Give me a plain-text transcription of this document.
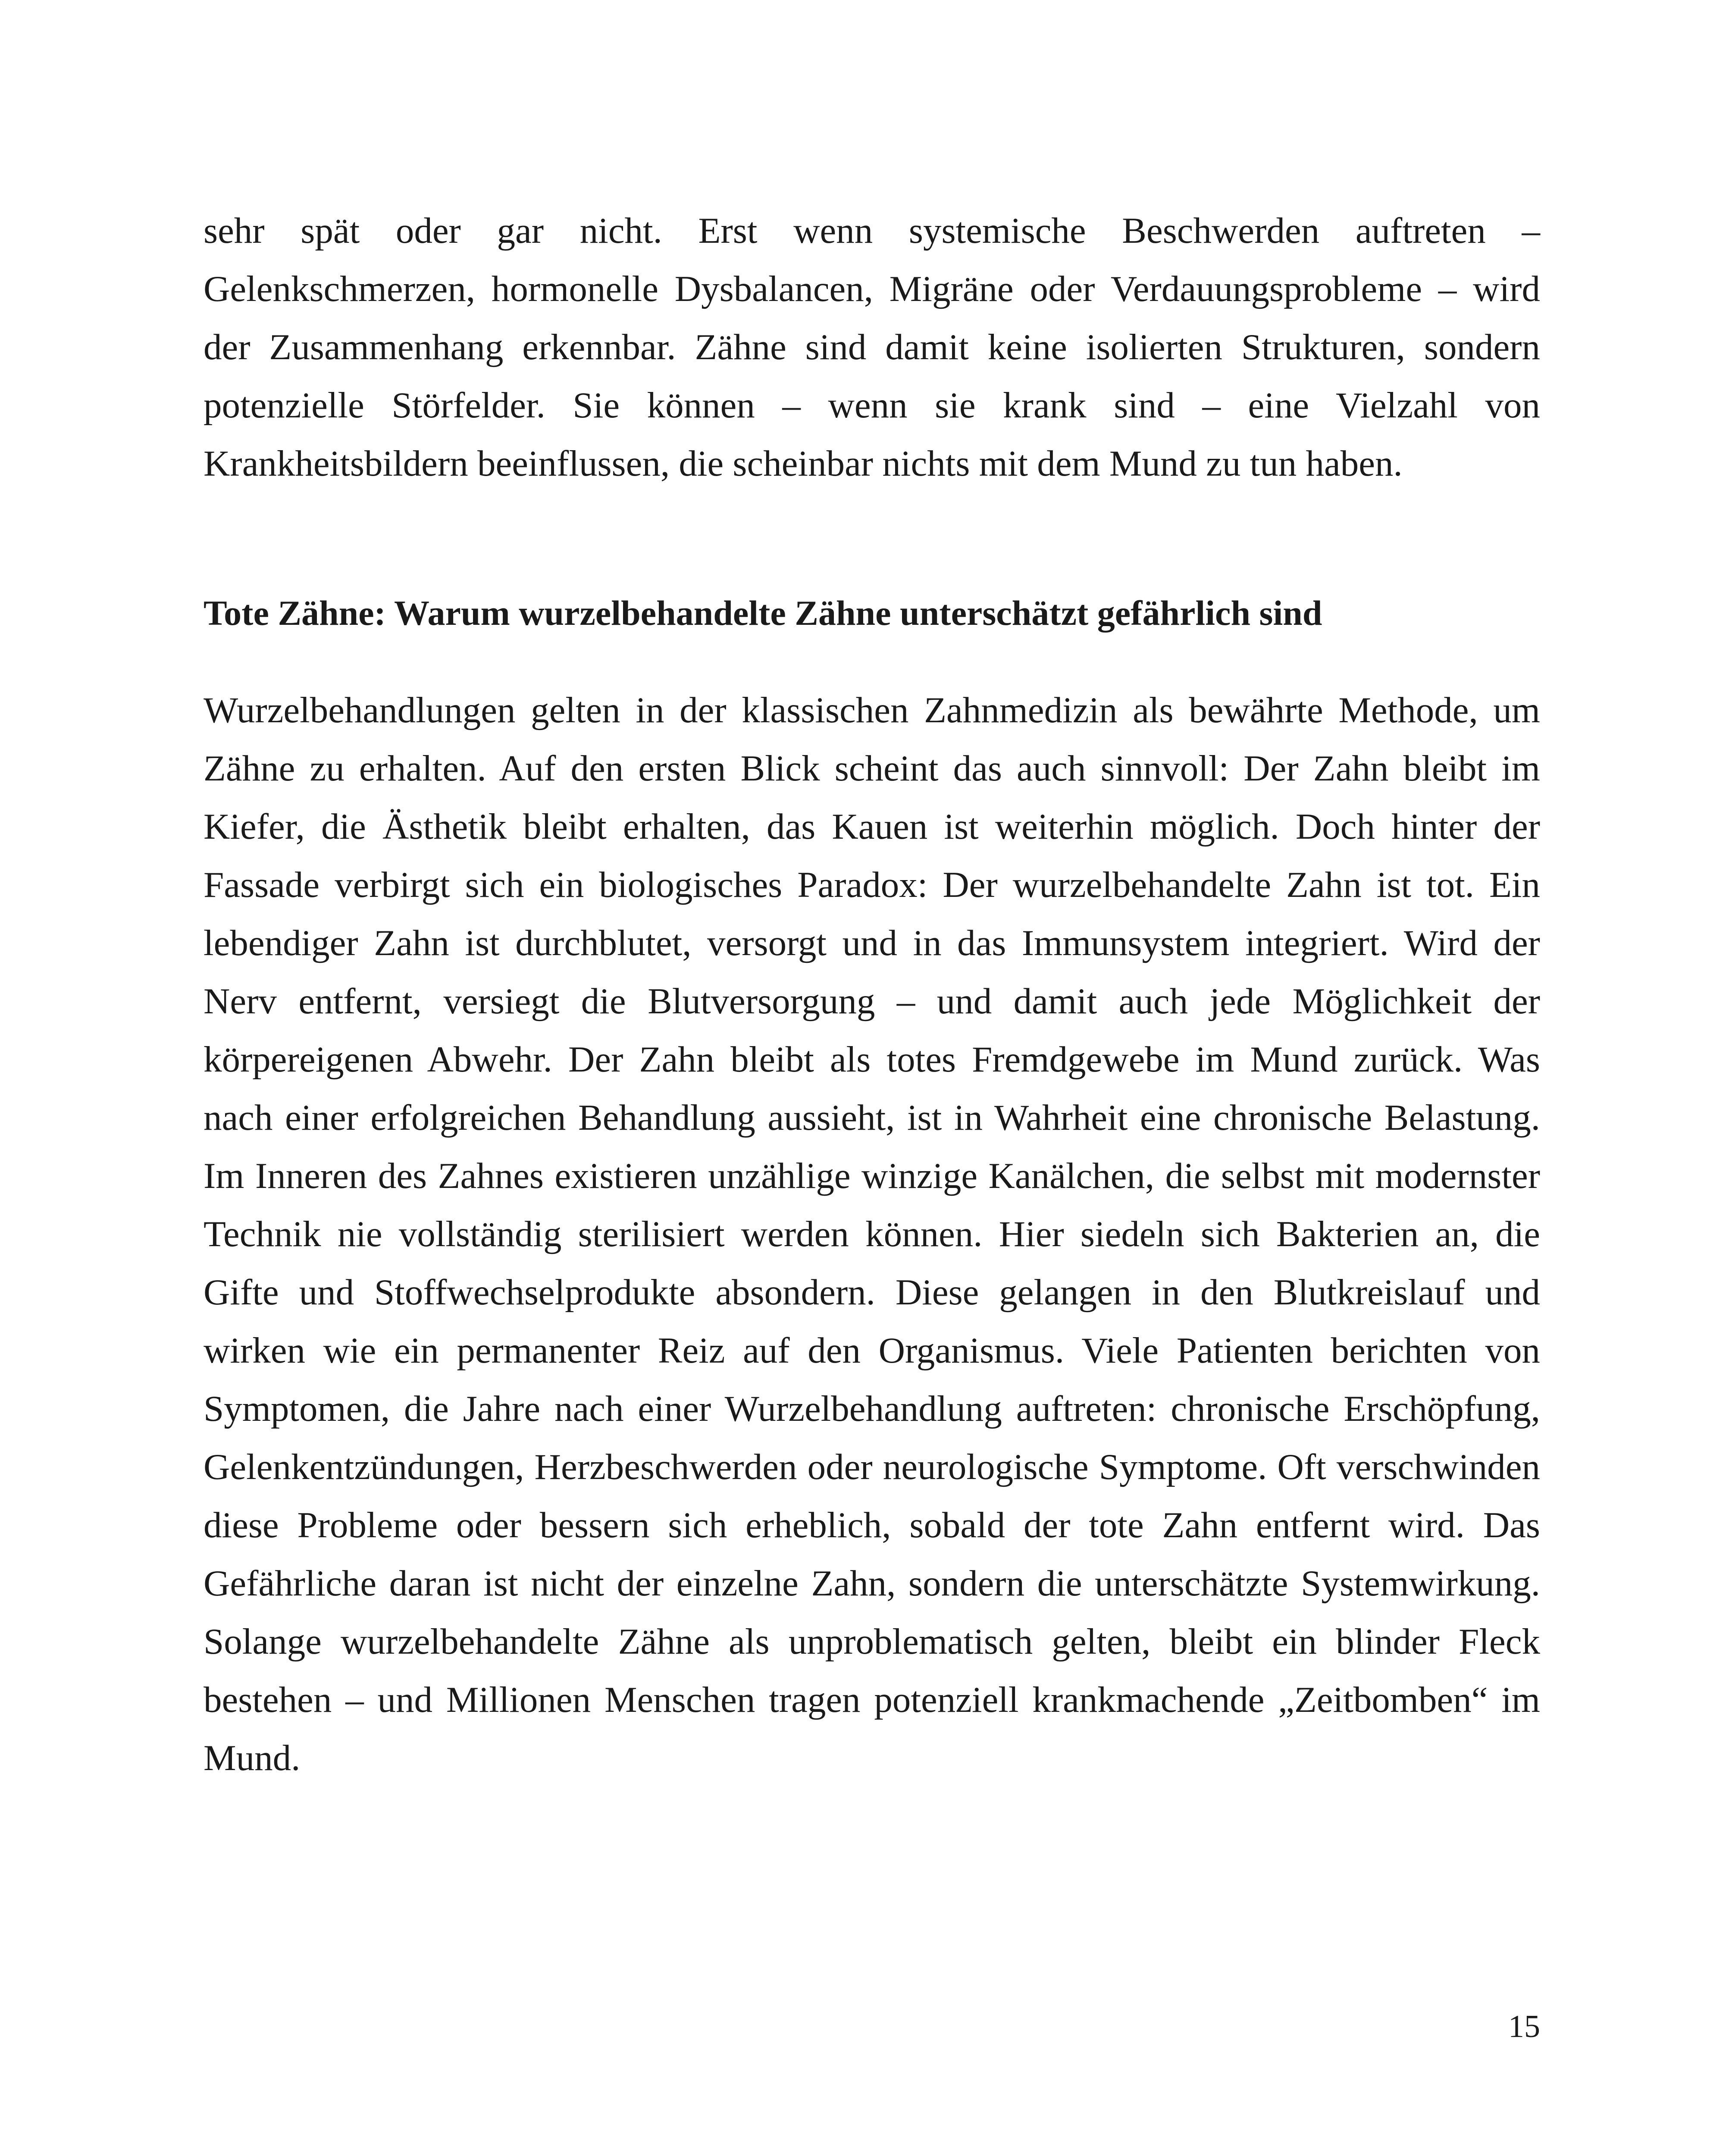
sehr spät oder gar nicht. Erst wenn systemische Beschwerden auftreten – Gelenkschmerzen, hormonelle Dysbalancen, Migräne oder Verdauungsprobleme – wird der Zusammenhang erkennbar. Zähne sind damit keine isolierten Strukturen, sondern potenzielle Störfelder. Sie können – wenn sie krank sind – eine Vielzahl von Krankheitsbildern beeinflussen, die scheinbar nichts mit dem Mund zu tun haben.

Tote Zähne: Warum wurzelbehandelte Zähne unterschätzt gefährlich sind

Wurzelbehandlungen gelten in der klassischen Zahnmedizin als bewährte Methode, um Zähne zu erhalten. Auf den ersten Blick scheint das auch sinnvoll: Der Zahn bleibt im Kiefer, die Ästhetik bleibt erhalten, das Kauen ist weiterhin möglich. Doch hinter der Fassade verbirgt sich ein biologisches Paradox: Der wurzelbehandelte Zahn ist tot. Ein lebendiger Zahn ist durchblutet, versorgt und in das Immunsystem integriert. Wird der Nerv entfernt, versiegt die Blutversorgung – und damit auch jede Möglichkeit der körpereigenen Abwehr. Der Zahn bleibt als totes Fremdgewebe im Mund zurück. Was nach einer erfolgreichen Behandlung aussieht, ist in Wahrheit eine chronische Belastung. Im Inneren des Zahnes existieren unzählige winzige Kanälchen, die selbst mit modernster Technik nie vollständig sterilisiert werden können. Hier siedeln sich Bakterien an, die Gifte und Stoffwechselprodukte absondern. Diese gelangen in den Blutkreislauf und wirken wie ein permanenter Reiz auf den Organismus. Viele Patienten berichten von Symptomen, die Jahre nach einer Wurzelbehandlung auftreten: chronische Erschöpfung, Gelenkentzündungen, Herzbeschwerden oder neurologische Symptome. Oft verschwinden diese Probleme oder bessern sich erheblich, sobald der tote Zahn entfernt wird. Das Gefährliche daran ist nicht der einzelne Zahn, sondern die unterschätzte Systemwirkung. Solange wurzelbehandelte Zähne als unproblematisch gelten, bleibt ein blinder Fleck bestehen – und Millionen Menschen tragen potenziell krankmachende „Zeitbomben“ im Mund.

15
